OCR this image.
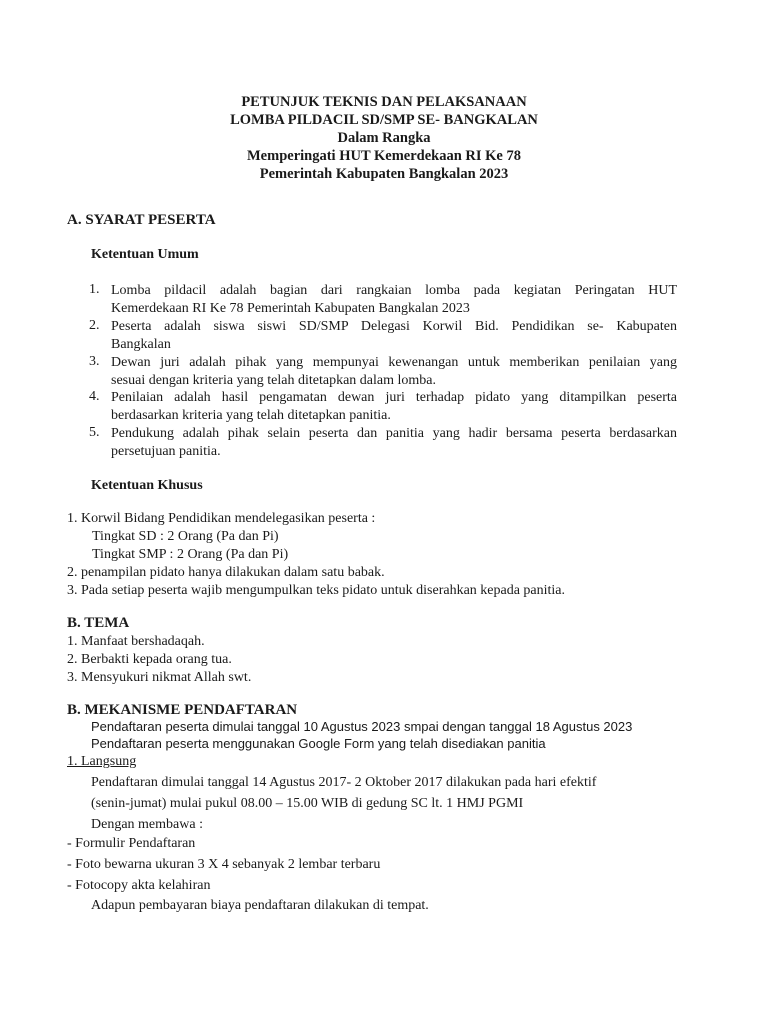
PETUNJUK TEKNIS DAN PELAKSANAAN
LOMBA PILDACIL SD/SMP SE- BANGKALAN
Dalam Rangka
Memperingati HUT Kemerdekaan RI Ke 78
Pemerintah Kabupaten Bangkalan 2023
A. SYARAT PESERTA
Ketentuan Umum
1. Lomba pildacil adalah bagian dari rangkaian lomba pada kegiatan Peringatan HUT
Kemerdekaan RI Ke 78 Pemerintah Kabupaten Bangkalan 2023
2. Peserta adalah siswa siswi SD/SMP Delegasi Korwil Bid. Pendidikan se- Kabupaten
Bangkalan
3. Dewan juri adalah pihak yang mempunyai kewenangan untuk memberikan penilaian yang
sesuai dengan kriteria yang telah ditetapkan dalam lomba.
4. Penilaian adalah hasil pengamatan dewan juri terhadap pidato yang ditampilkan peserta
berdasarkan kriteria yang telah ditetapkan panitia.
5. Pendukung adalah pihak selain peserta dan panitia yang hadir bersama peserta berdasarkan
persetujuan panitia.
Ketentuan Khusus
1. Korwil Bidang Pendidikan mendelegasikan peserta :
Tingkat SD : 2 Orang (Pa dan Pi)
Tingkat SMP : 2 Orang (Pa dan Pi)
2. penampilan pidato hanya dilakukan dalam satu babak.
3. Pada setiap peserta wajib mengumpulkan teks pidato untuk diserahkan kepada panitia.
B. TEMA
1. Manfaat bershadaqah.
2. Berbakti kepada orang tua.
3. Mensyukuri nikmat Allah swt.
B. MEKANISME PENDAFTARAN
Pendaftaran peserta dimulai tanggal 10 Agustus 2023 smpai dengan tanggal 18 Agustus 2023
Pendaftaran peserta menggunakan Google Form yang telah disediakan panitia
1. Langsung
Pendaftaran dimulai tanggal 14 Agustus 2017- 2 Oktober 2017 dilakukan pada hari efektif
(senin-jumat) mulai pukul 08.00 – 15.00 WIB di gedung SC lt. 1 HMJ PGMI
Dengan membawa :
- Formulir Pendaftaran
- Foto bewarna ukuran 3 X 4 sebanyak 2 lembar terbaru
- Fotocopy akta kelahiran
Adapun pembayaran biaya pendaftaran dilakukan di tempat.
